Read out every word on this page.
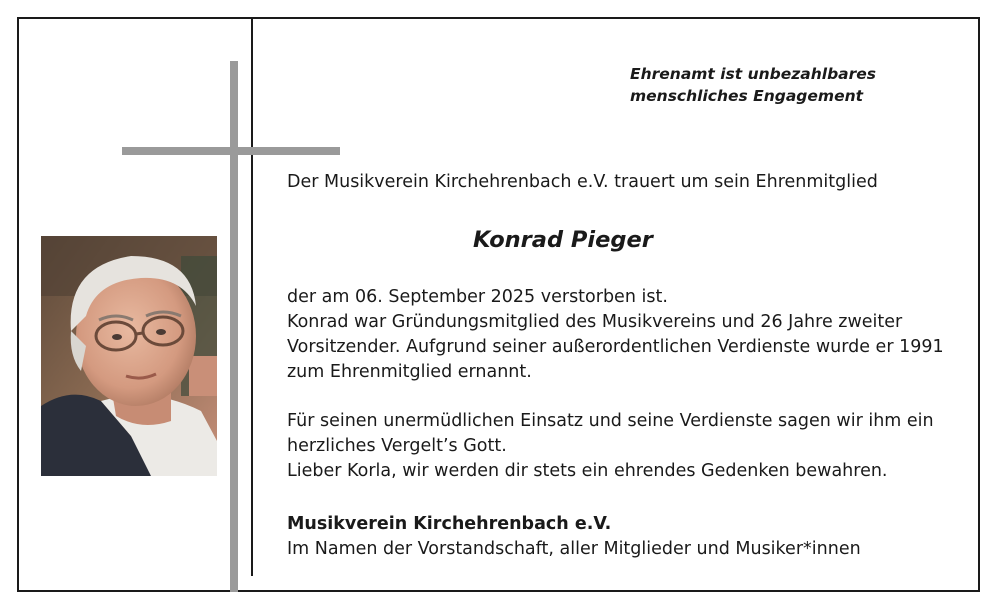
Ehrenamt ist unbezahlbares
menschliches Engagement
Der Musikverein Kirchehrenbach e.V. trauert um sein Ehrenmitglied
Konrad Pieger
der am 06. September 2025 verstorben ist.
Konrad war Gründungsmitglied des Musikvereins und 26 Jahre zweiter
Vorsitzender. Aufgrund seiner außerordentlichen Verdienste wurde er 1991
zum Ehrenmitglied ernannt.
Für seinen unermüdlichen Einsatz und seine Verdienste sagen wir ihm ein
herzliches Vergelt’s Gott.
Lieber Korla, wir werden dir stets ein ehrendes Gedenken bewahren.
Musikverein Kirchehrenbach e.V.
Im Namen der Vorstandschaft, aller Mitglieder und Musiker*innen
